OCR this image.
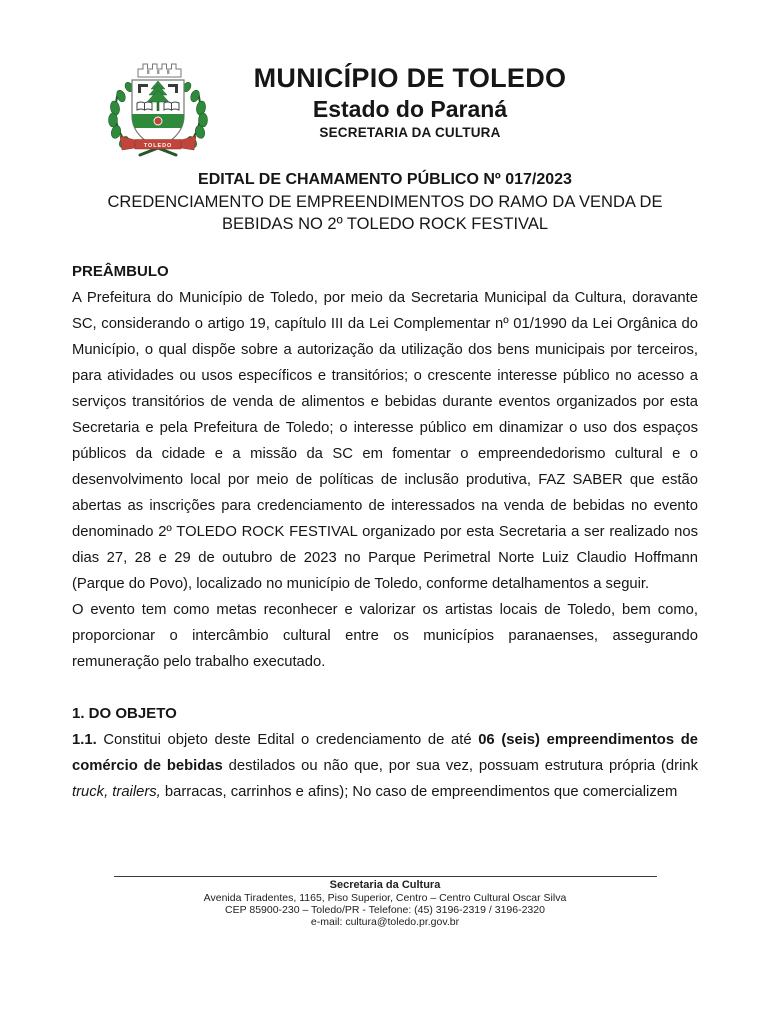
TOLEDO
MUNICÍPIO DE TOLEDO
Estado do Paraná
SECRETARIA DA CULTURA
EDITAL DE CHAMAMENTO PÚBLICO Nº 017/2023
CREDENCIAMENTO DE EMPREENDIMENTOS DO RAMO DA VENDA DE BEBIDAS NO 2º TOLEDO ROCK FESTIVAL
PREÂMBULO

A Prefeitura do Município de Toledo, por meio da Secretaria Municipal da Cultura, doravante SC, considerando o artigo 19, capítulo III da Lei Complementar nº 01/1990 da Lei Orgânica do Município, o qual dispõe sobre a autorização da utilização dos bens municipais por terceiros, para atividades ou usos específicos e transitórios; o crescente interesse público no acesso a serviços transitórios de venda de alimentos e bebidas durante eventos organizados por esta Secretaria e pela Prefeitura de Toledo; o interesse público em dinamizar o uso dos espaços públicos da cidade e a missão da SC em fomentar o empreendedorismo cultural e o desenvolvimento local por meio de políticas de inclusão produtiva, FAZ SABER que estão abertas as inscrições para credenciamento de interessados na venda de bebidas no evento denominado 2º TOLEDO ROCK FESTIVAL organizado por esta Secretaria a ser realizado nos dias 27, 28 e 29 de outubro de 2023 no Parque Perimetral Norte Luiz Claudio Hoffmann (Parque do Povo), localizado no município de Toledo, conforme detalhamentos a seguir.

O evento tem como metas reconhecer e valorizar os artistas locais de Toledo, bem como, proporcionar o intercâmbio cultural entre os municípios paranaenses, assegurando remuneração pelo trabalho executado.

1. DO OBJETO

1.1. Constitui objeto deste Edital o credenciamento de até 06 (seis) empreendimentos de comércio de bebidas destilados ou não que, por sua vez, possuam estrutura própria (drink truck, trailers, barracas, carrinhos e afins); No caso de empreendimentos que comercializem

Secretaria da Cultura
Avenida Tiradentes, 1165, Piso Superior, Centro – Centro Cultural Oscar Silva
CEP 85900-230 – Toledo/PR - Telefone: (45) 3196-2319 / 3196-2320
e-mail: cultura@toledo.pr.gov.br
